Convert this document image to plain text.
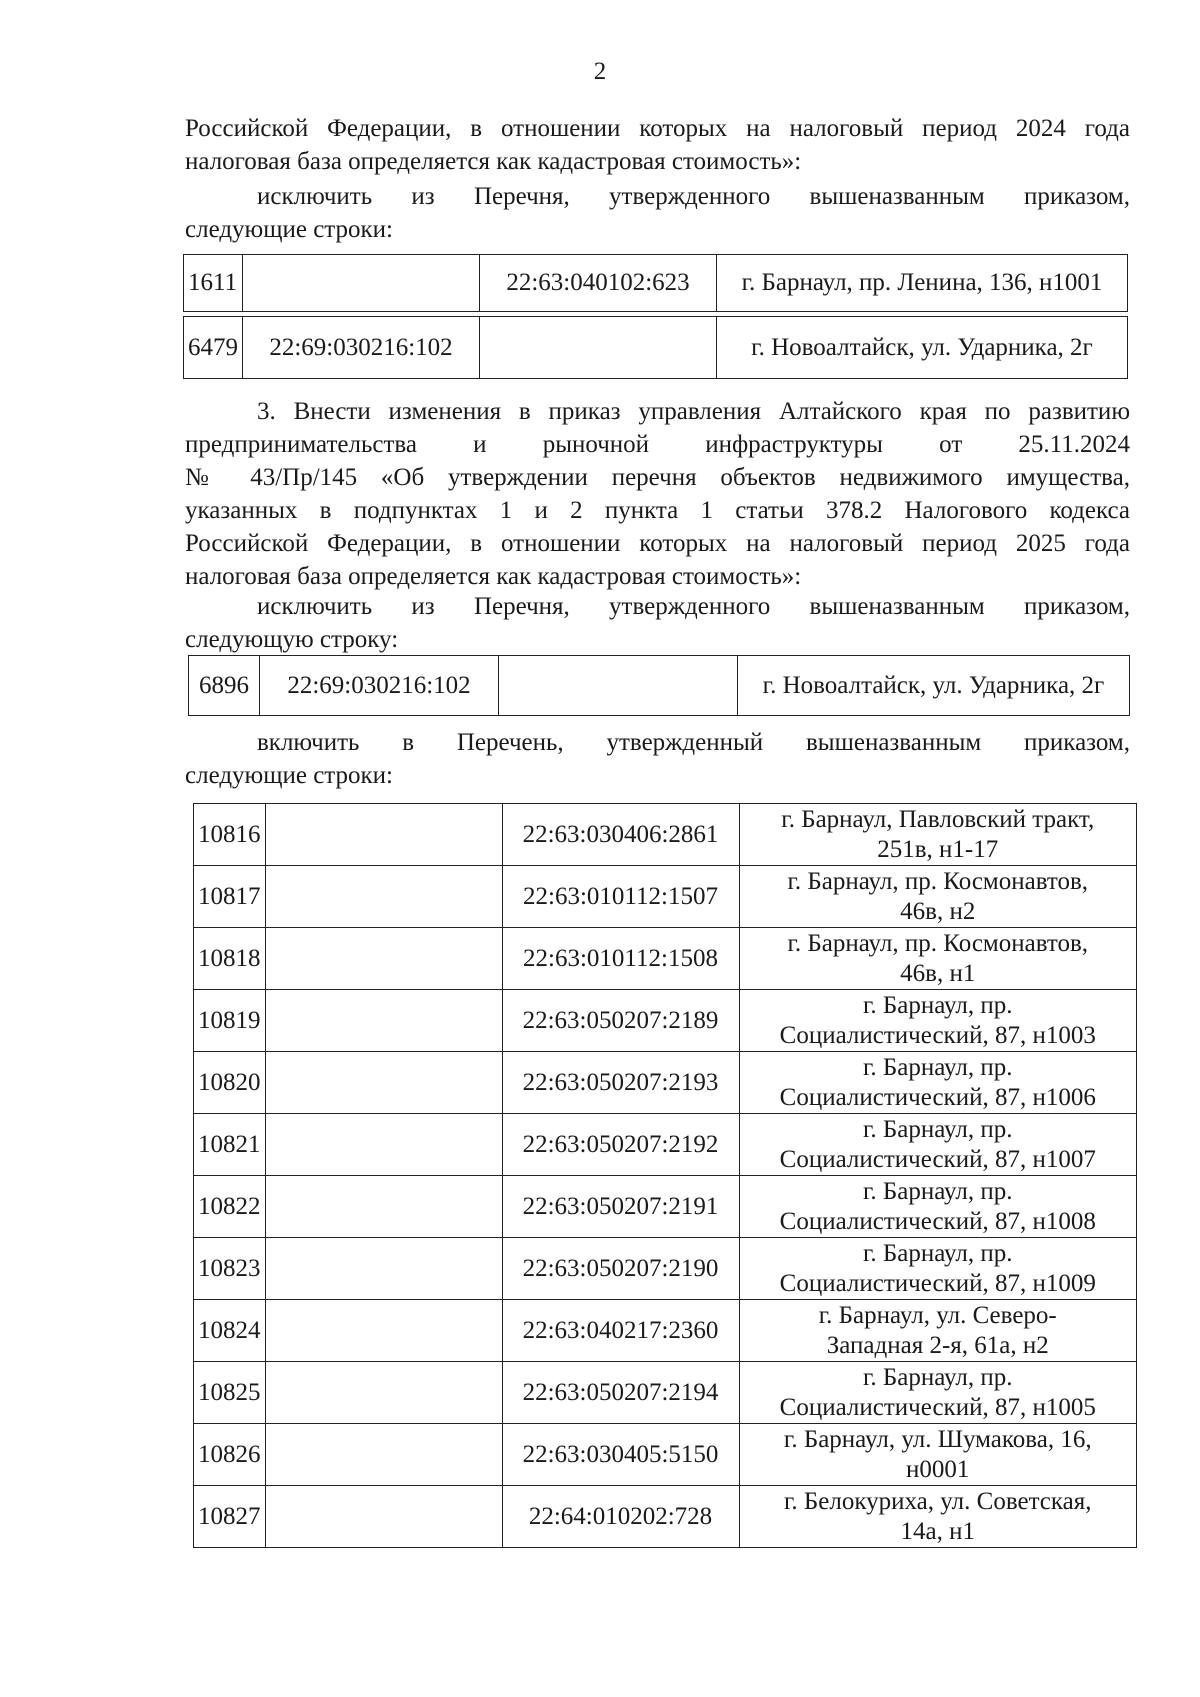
2
Российской Федерации, в отношении которых на налоговый период 2024 года
налоговая база определяется как кадастровая стоимость»:
исключить из Перечня, утвержденного вышеназванным приказом,
следующие строки:
1611		22:63:040102:623	г. Барнаул, пр. Ленина, 136, н1001
6479	22:69:030216:102		г. Новоалтайск, ул. Ударника, 2г
3. Внести изменения в приказ управления Алтайского края по развитию
предпринимательства и рыночной инфраструктуры от 25.11.2024
№ 43/Пр/145 «Об утверждении перечня объектов недвижимого имущества,
указанных в подпунктах 1 и 2 пункта 1 статьи 378.2 Налогового кодекса
Российской Федерации, в отношении которых на налоговый период 2025 года
налоговая база определяется как кадастровая стоимость»:
исключить из Перечня, утвержденного вышеназванным приказом,
следующую строку:
6896	22:69:030216:102		г. Новоалтайск, ул. Ударника, 2г
включить в Перечень, утвержденный вышеназванным приказом,
следующие строки:
10816		22:63:030406:2861	г. Барнаул, Павловский тракт,
251в, н1-17

10817		22:63:010112:1507	г. Барнаул, пр. Космонавтов,
46в, н2

10818		22:63:010112:1508	г. Барнаул, пр. Космонавтов,
46в, н1

10819		22:63:050207:2189	г. Барнаул, пр.
Социалистический, 87, н1003

10820		22:63:050207:2193	г. Барнаул, пр.
Социалистический, 87, н1006

10821		22:63:050207:2192	г. Барнаул, пр.
Социалистический, 87, н1007

10822		22:63:050207:2191	г. Барнаул, пр.
Социалистический, 87, н1008

10823		22:63:050207:2190	г. Барнаул, пр.
Социалистический, 87, н1009

10824		22:63:040217:2360	г. Барнаул, ул. Северо-
Западная 2-я, 61а, н2

10825		22:63:050207:2194	г. Барнаул, пр.
Социалистический, 87, н1005

10826		22:63:030405:5150	г. Барнаул, ул. Шумакова, 16,
н0001

10827		22:64:010202:728	г. Белокуриха, ул. Советская,
14а, н1
